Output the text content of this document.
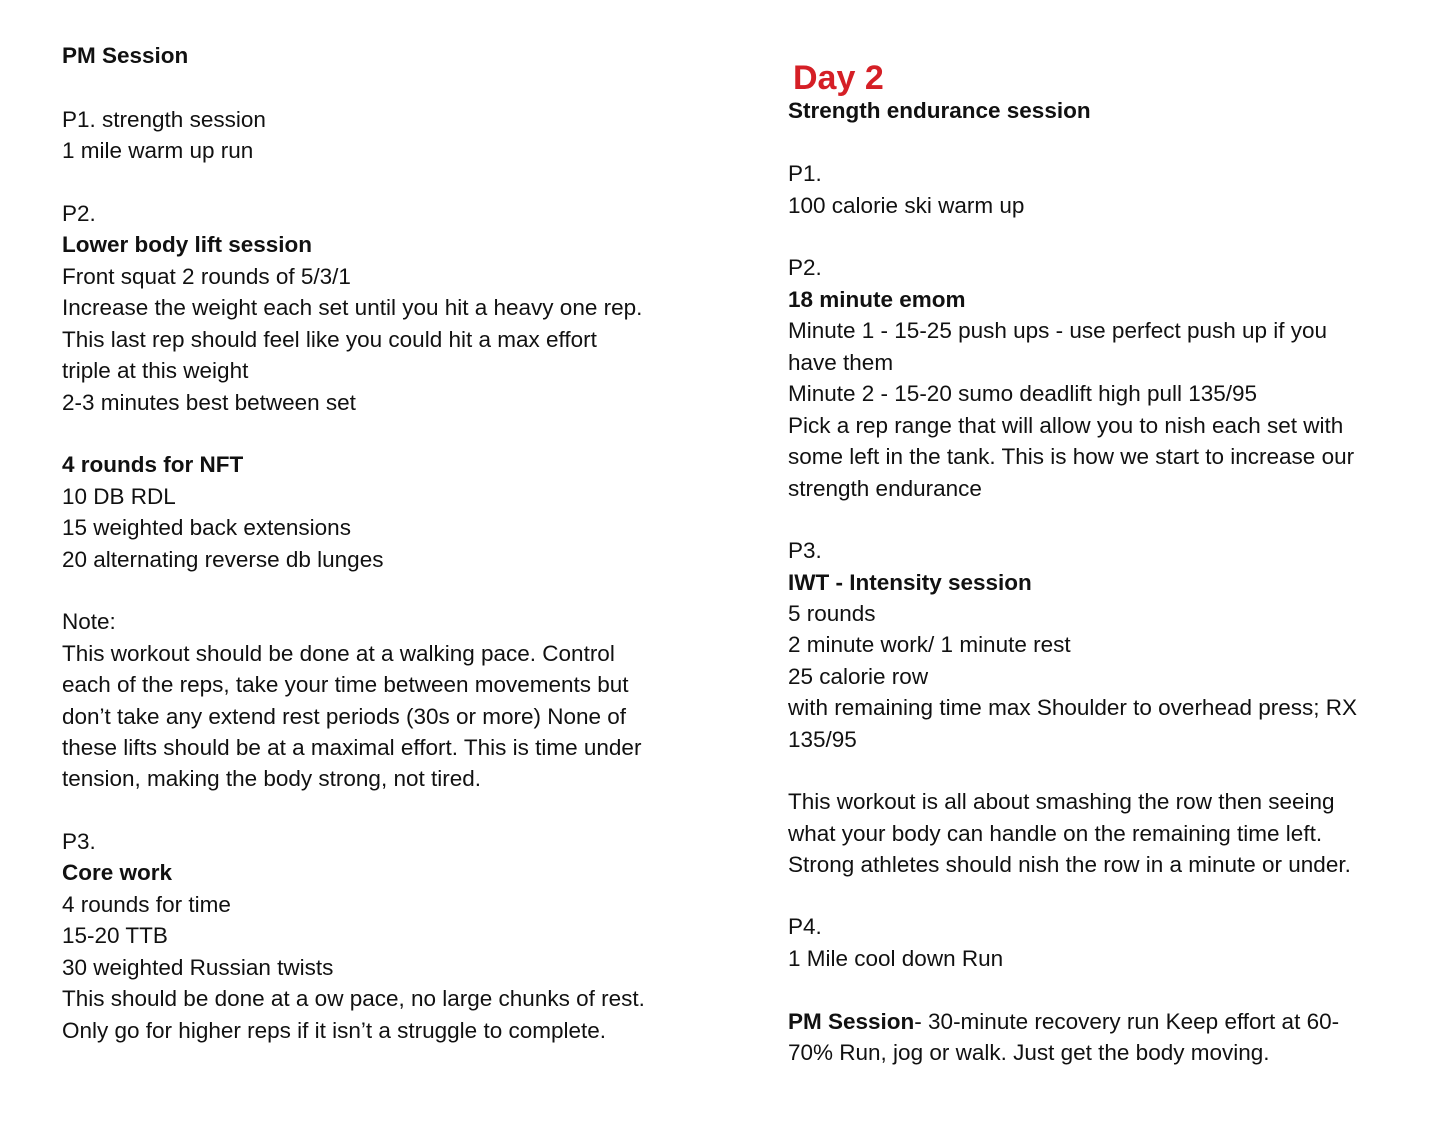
PM Session

P1. strength session

1 mile warm up run

P2.

Lower body lift session

Front squat 2 rounds of 5/3/1

Increase the weight each set until you hit a heavy one rep.

This last rep should feel like you could hit a max effort

triple at this weight

2-3 minutes best between set

4 rounds for NFT

10 DB RDL

15 weighted back extensions

20 alternating reverse db lunges

Note:

This workout should be done at a walking pace. Control

each of the reps, take your time between movements but

don’t take any extend rest periods (30s or more) None of

these lifts should be at a maximal effort. This is time under

tension, making the body strong, not tired.

P3.

Core work

4 rounds for time

15-20 TTB

30 weighted Russian twists

This should be done at a ow pace, no large chunks of rest.

Only go for higher reps if it isn’t a struggle to complete.

Day 2

Strength endurance session

P1.

100 calorie ski warm up

P2.

18 minute emom

Minute 1 - 15-25 push ups - use perfect push up if you

have them

Minute 2 - 15-20 sumo deadlift high pull 135/95

Pick a rep range that will allow you to nish each set with

some left in the tank. This is how we start to increase our

strength endurance

P3.

IWT - Intensity session

5 rounds

2 minute work/ 1 minute rest

25 calorie row

with remaining time max Shoulder to overhead press; RX

135/95

This workout is all about smashing the row then seeing

what your body can handle on the remaining time left.

Strong athletes should nish the row in a minute or under.

P4.

1 Mile cool down Run

PM Session- 30-minute recovery run Keep effort at 60-

70% Run, jog or walk. Just get the body moving.
